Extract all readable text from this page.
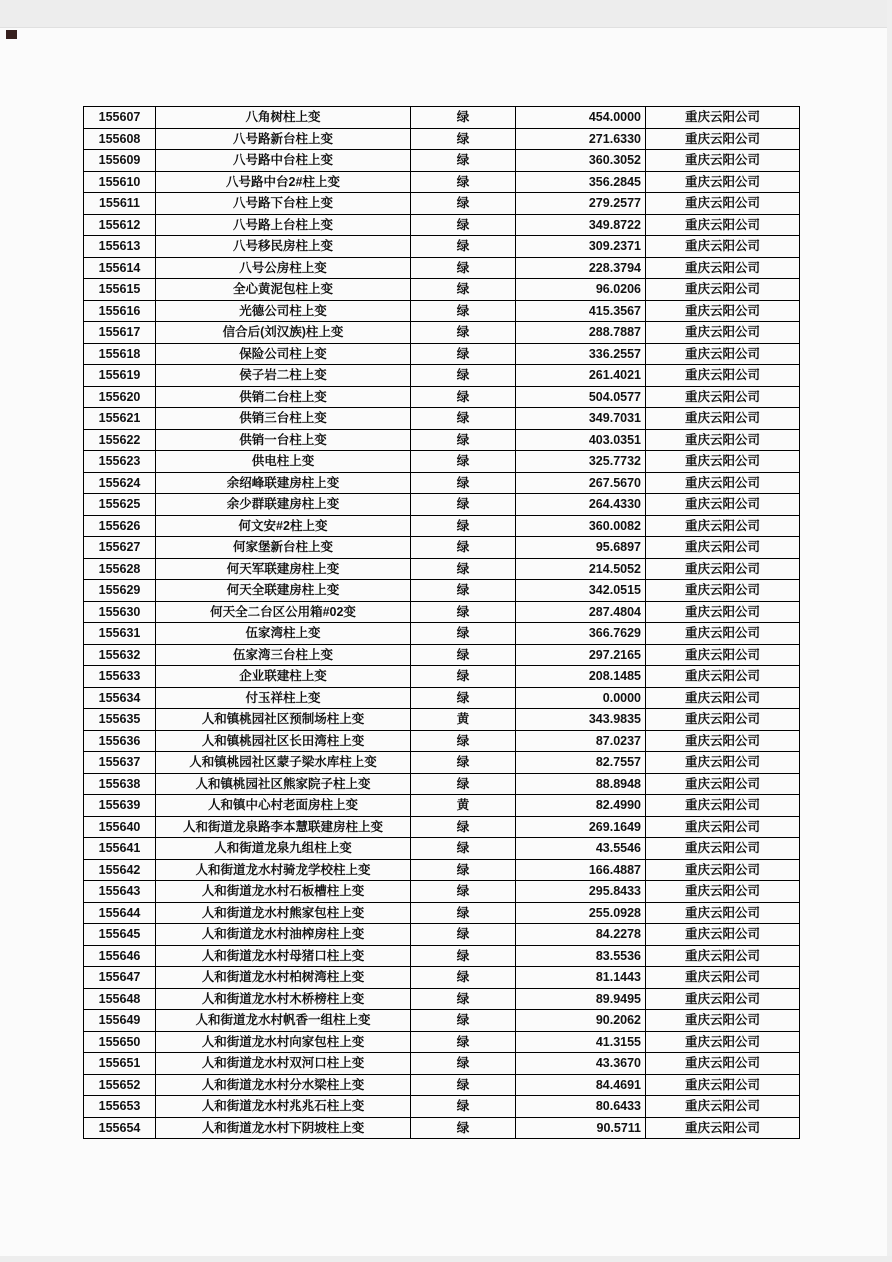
155607	八角树柱上变	绿	454.0000	重庆云阳公司
155608	八号路新台柱上变	绿	271.6330	重庆云阳公司
155609	八号路中台柱上变	绿	360.3052	重庆云阳公司
155610	八号路中台2#柱上变	绿	356.2845	重庆云阳公司
155611	八号路下台柱上变	绿	279.2577	重庆云阳公司
155612	八号路上台柱上变	绿	349.8722	重庆云阳公司
155613	八号移民房柱上变	绿	309.2371	重庆云阳公司
155614	八号公房柱上变	绿	228.3794	重庆云阳公司
155615	全心黄泥包柱上变	绿	96.0206	重庆云阳公司
155616	光德公司柱上变	绿	415.3567	重庆云阳公司
155617	信合后(刘汉族)柱上变	绿	288.7887	重庆云阳公司
155618	保险公司柱上变	绿	336.2557	重庆云阳公司
155619	侯子岩二柱上变	绿	261.4021	重庆云阳公司
155620	供销二台柱上变	绿	504.0577	重庆云阳公司
155621	供销三台柱上变	绿	349.7031	重庆云阳公司
155622	供销一台柱上变	绿	403.0351	重庆云阳公司
155623	供电柱上变	绿	325.7732	重庆云阳公司
155624	余绍峰联建房柱上变	绿	267.5670	重庆云阳公司
155625	余少群联建房柱上变	绿	264.4330	重庆云阳公司
155626	何文安#2柱上变	绿	360.0082	重庆云阳公司
155627	何家堡新台柱上变	绿	95.6897	重庆云阳公司
155628	何天军联建房柱上变	绿	214.5052	重庆云阳公司
155629	何天全联建房柱上变	绿	342.0515	重庆云阳公司
155630	何天全二台区公用箱#02变	绿	287.4804	重庆云阳公司
155631	伍家湾柱上变	绿	366.7629	重庆云阳公司
155632	伍家湾三台柱上变	绿	297.2165	重庆云阳公司
155633	企业联建柱上变	绿	208.1485	重庆云阳公司
155634	付玉祥柱上变	绿	0.0000	重庆云阳公司
155635	人和镇桃园社区预制场柱上变	黄	343.9835	重庆云阳公司
155636	人和镇桃园社区长田湾柱上变	绿	87.0237	重庆云阳公司
155637	人和镇桃园社区蒙子梁水库柱上变	绿	82.7557	重庆云阳公司
155638	人和镇桃园社区熊家院子柱上变	绿	88.8948	重庆云阳公司
155639	人和镇中心村老面房柱上变	黄	82.4990	重庆云阳公司
155640	人和街道龙泉路李本慧联建房柱上变	绿	269.1649	重庆云阳公司
155641	人和街道龙泉九组柱上变	绿	43.5546	重庆云阳公司
155642	人和街道龙水村骑龙学校柱上变	绿	166.4887	重庆云阳公司
155643	人和街道龙水村石板槽柱上变	绿	295.8433	重庆云阳公司
155644	人和街道龙水村熊家包柱上变	绿	255.0928	重庆云阳公司
155645	人和街道龙水村油榨房柱上变	绿	84.2278	重庆云阳公司
155646	人和街道龙水村母猪口柱上变	绿	83.5536	重庆云阳公司
155647	人和街道龙水村柏树湾柱上变	绿	81.1443	重庆云阳公司
155648	人和街道龙水村木桥榜柱上变	绿	89.9495	重庆云阳公司
155649	人和街道龙水村帆香一组柱上变	绿	90.2062	重庆云阳公司
155650	人和街道龙水村向家包柱上变	绿	41.3155	重庆云阳公司
155651	人和街道龙水村双河口柱上变	绿	43.3670	重庆云阳公司
155652	人和街道龙水村分水梁柱上变	绿	84.4691	重庆云阳公司
155653	人和街道龙水村兆兆石柱上变	绿	80.6433	重庆云阳公司
155654	人和街道龙水村下阴坡柱上变	绿	90.5711	重庆云阳公司
